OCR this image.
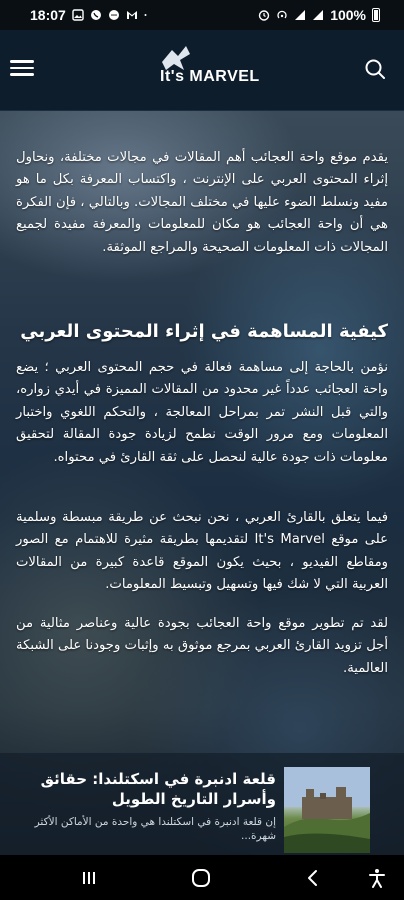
18:07	100%
It's MARVEL
يقدم موقع واحة العجائب أهم المقالات في مجالات مختلفة، ونحاول إثراء المحتوى العربي على الإنترنت ، واكتساب المعرفة بكل ما هو مفيد ونسلط الضوء عليها في مختلف المجالات. وبالتالي ، فإن الفكرة هي أن واحة العجائب هو مكان للمعلومات والمعرفة مفيدة لجميع المجالات ذات المعلومات الصحيحة والمراجع الموثقة.
كيفية المساهمة في إثراء المحتوى العربي
نؤمن بالحاجة إلى مساهمة فعالة في حجم المحتوى العربي ؛ يضع واحة العجائب عدداً غير محدود من المقالات المميزة في أيدي زواره، والتي قبل النشر تمر بمراحل المعالجة ، والتحكم اللغوي واختبار المعلومات ومع مرور الوقت نطمح لزيادة جودة المقالة لتحقيق معلومات ذات جودة عالية لنحصل على ثقة القارئ في محتواه.
فيما يتعلق بالقارئ العربي ، نحن نبحث عن طريقة مبسطة وسلمية على موقع It's Marvel لتقديمها بطريقة مثيرة للاهتمام مع الصور ومقاطع الفيديو ، بحيث يكون الموقع قاعدة كبيرة من المقالات العربية التي لا شك فيها وتسهيل وتبسيط المعلومات.
لقد تم تطوير موقع واحة العجائب بجودة عالية وعناصر مثالية من أجل تزويد القارئ العربي بمرجع موثوق به وإثبات وجودنا على الشبكة العالمية.
قلعة ادنبرة في اسكتلندا: حقائق وأسرار التاريخ الطويل
إن قلعة ادنبرة في اسكتلندا هي واحدة من الأماكن الأكثر شهرة...
